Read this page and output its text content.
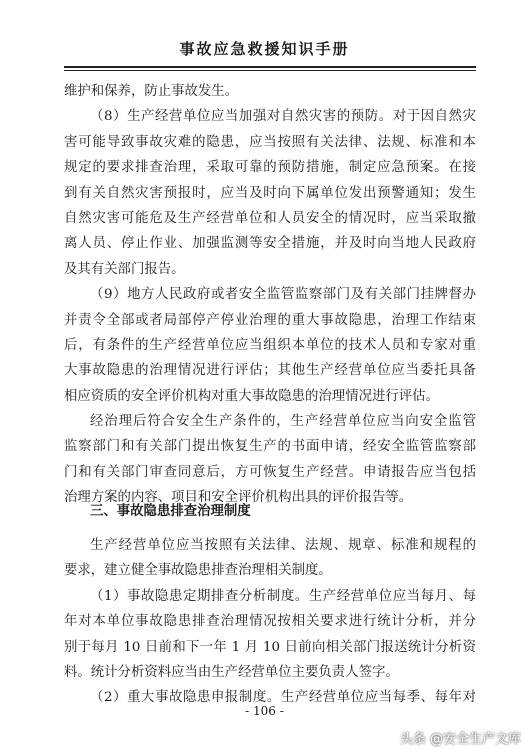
事故应急救援知识手册
维护和保养，防止事故发生。
（8）生产经营单位应当加强对自然灾害的预防。对于因自然灾
害可能导致事故灾难的隐患，应当按照有关法律、法规、标准和本
规定的要求排查治理，采取可靠的预防措施，制定应急预案。在接
到有关自然灾害预报时，应当及时向下属单位发出预警通知；发生
自然灾害可能危及生产经营单位和人员安全的情况时，应当采取撤
离人员、停止作业、加强监测等安全措施，并及时向当地人民政府
及其有关部门报告。
（9）地方人民政府或者安全监管监察部门及有关部门挂牌督办
并责令全部或者局部停产停业治理的重大事故隐患，治理工作结束
后，有条件的生产经营单位应当组织本单位的技术人员和专家对重
大事故隐患的治理情况进行评估；其他生产经营单位应当委托具备
相应资质的安全评价机构对重大事故隐患的治理情况进行评估。
经治理后符合安全生产条件的，生产经营单位应当向安全监管
监察部门和有关部门提出恢复生产的书面申请，经安全监管监察部
门和有关部门审查同意后，方可恢复生产经营。申请报告应当包括
治理方案的内容、项目和安全评价机构出具的评价报告等。
三、事故隐患排查治理制度
生产经营单位应当按照有关法律、法规、规章、标准和规程的
要求，建立健全事故隐患排查治理相关制度。
（1）事故隐患定期排查分析制度。生产经营单位应当每月、每
年对本单位事故隐患排查治理情况按相关要求进行统计分析，并分
别于每月 10 日前和下一年 1 月 10 日前向相关部门报送统计分析资
料。统计分析资料应当由生产经营单位主要负责人签字。
（2）重大事故隐患申报制度。生产经营单位应当每季、每年对
- 106 -
头条 @安全生产文库
